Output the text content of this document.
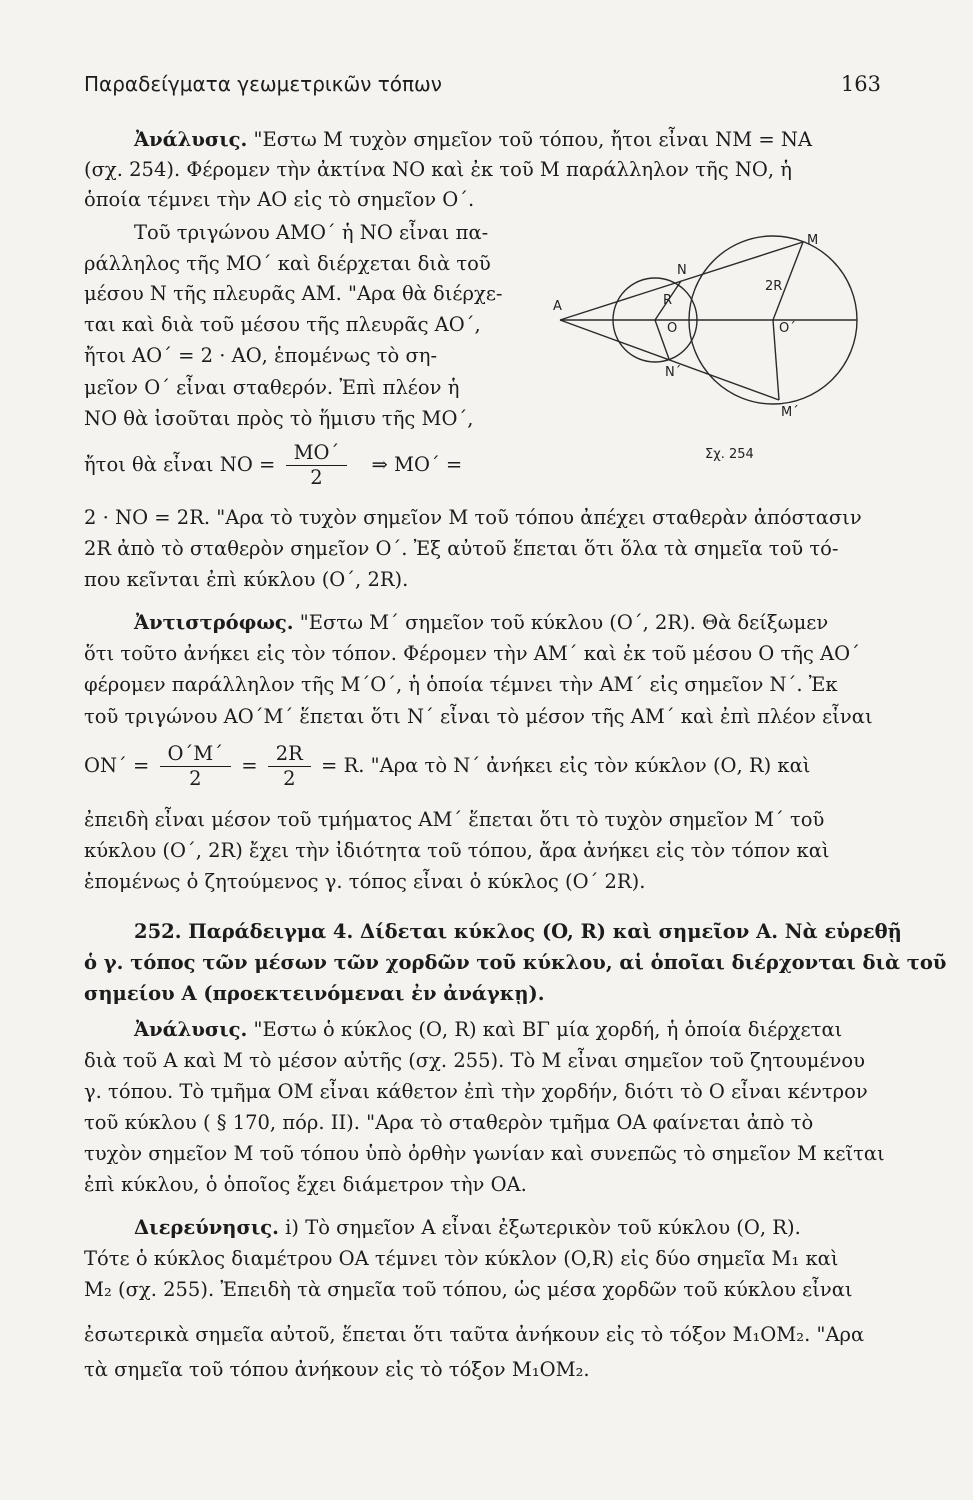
Παραδείγματα γεωμετρικῶν τόπων	163
Ἀνάλυσις. "Εστω Μ τυχὸν σημεῖον τοῦ τόπου, ἤτοι εἶναι ΝΜ = ΝΑ
(σχ. 254). Φέρομεν τὴν ἀκτίνα ΝΟ καὶ ἐκ τοῦ Μ παράλληλον τῆς ΝΟ, ἡ
ὁποία τέμνει τὴν ΑΟ εἰς τὸ σημεῖον Ο΄.
Τοῦ τριγώνου ΑΜΟ΄ ἡ ΝΟ εἶναι πα-
ράλληλος τῆς ΜΟ΄ καὶ διέρχεται διὰ τοῦ
μέσου Ν τῆς πλευρᾶς ΑΜ. "Αρα θὰ διέρχε-
ται καὶ διὰ τοῦ μέσου τῆς πλευρᾶς ΑΟ΄,
ἤτοι ΑΟ΄ = 2 · ΑΟ, ἑπομένως τὸ ση-
μεῖον Ο΄ εἶναι σταθερόν. Ἐπὶ πλέον ἡ
ΝΟ θὰ ἰσοῦται πρὸς τὸ ἥμισυ τῆς ΜΟ΄,
ἤτοι θὰ εἶναι $NO = \frac{MO΄}{2}$ ⇒ ΜΟ΄ =
A
N
R
O	O΄
N΄
M
M΄
2R
Σχ. 254
2 · ΝΟ = 2R. "Αρα τὸ τυχὸν σημεῖον Μ τοῦ τόπου ἀπέχει σταθερὰν ἀπόστασιν
2R ἀπὸ τὸ σταθερὸν σημεῖον Ο΄. Ἐξ αὐτοῦ ἕπεται ὅτι ὅλα τὰ σημεῖα τοῦ τό-
που κεῖνται ἐπὶ κύκλου (Ο΄, 2R).
Ἀντιστρόφως. "Εστω Μ΄ σημεῖον τοῦ κύκλου (Ο΄, 2R). Θὰ δείξωμεν
ὅτι τοῦτο ἀνήκει εἰς τὸν τόπον. Φέρομεν τὴν ΑΜ΄ καὶ ἐκ τοῦ μέσου Ο τῆς ΑΟ΄
φέρομεν παράλληλον τῆς Μ΄Ο΄, ἡ ὁποία τέμνει τὴν ΑΜ΄ εἰς σημεῖον Ν΄. Ἐκ
τοῦ τριγώνου ΑΟ΄Μ΄ ἕπεται ὅτι Ν΄ εἶναι τὸ μέσον τῆς ΑΜ΄ καὶ ἐπὶ πλέον εἶναι
$ON΄ = \frac{O΄M΄}{2} = \frac{2R}{2} = R$. "Αρα τὸ Ν΄ ἀνήκει εἰς τὸν κύκλον (Ο, R) καὶ
ἐπειδὴ εἶναι μέσον τοῦ τμήματος ΑΜ΄ ἕπεται ὅτι τὸ τυχὸν σημεῖον Μ΄ τοῦ
κύκλου (Ο΄, 2R) ἔχει τὴν ἰδιότητα τοῦ τόπου, ἄρα ἀνήκει εἰς τὸν τόπον καὶ
ἑπομένως ὁ ζητούμενος γ. τόπος εἶναι ὁ κύκλος (Ο΄ 2R).
252. Παράδειγμα 4. Δίδεται κύκλος (O, R) καὶ σημεῖον A. Νὰ εὑρεθῇ
ὁ γ. τόπος τῶν μέσων τῶν χορδῶν τοῦ κύκλου, αἱ ὁποῖαι διέρχονται διὰ τοῦ
σημείου A (προεκτεινόμεναι ἐν ἀνάγκῃ).
Ἀνάλυσις. "Εστω ὁ κύκλος (Ο, R) καὶ ΒΓ μία χορδή, ἡ ὁποία διέρχεται
διὰ τοῦ Α καὶ Μ τὸ μέσον αὐτῆς (σχ. 255). Τὸ Μ εἶναι σημεῖον τοῦ ζητουμένου
γ. τόπου. Τὸ τμῆμα ΟΜ εἶναι κάθετον ἐπὶ τὴν χορδήν, διότι τὸ Ο εἶναι κέντρον
τοῦ κύκλου ( § 170, πόρ. II). "Αρα τὸ σταθερὸν τμῆμα ΟΑ φαίνεται ἀπὸ τὸ
τυχὸν σημεῖον Μ τοῦ τόπου ὑπὸ ὀρθὴν γωνίαν καὶ συνεπῶς τὸ σημεῖον Μ κεῖται
ἐπὶ κύκλου, ὁ ὁποῖος ἔχει διάμετρον τὴν ΟΑ.
Διερεύνησις. i) Τὸ σημεῖον Α εἶναι ἐξωτερικὸν τοῦ κύκλου (Ο, R).
Τότε ὁ κύκλος διαμέτρου ΟΑ τέμνει τὸν κύκλον (O,R) εἰς δύο σημεῖα M₁ καὶ
M₂ (σχ. 255). Ἐπειδὴ τὰ σημεῖα τοῦ τόπου, ὡς μέσα χορδῶν τοῦ κύκλου εἶναι
ἐσωτερικὰ σημεῖα αὐτοῦ, ἕπεται ὅτι ταῦτα ἀνήκουν εἰς τὸ τόξον M₁OM₂. "Αρα
τὰ σημεῖα τοῦ τόπου ἀνήκουν εἰς τὸ τόξον M₁OM₂.
